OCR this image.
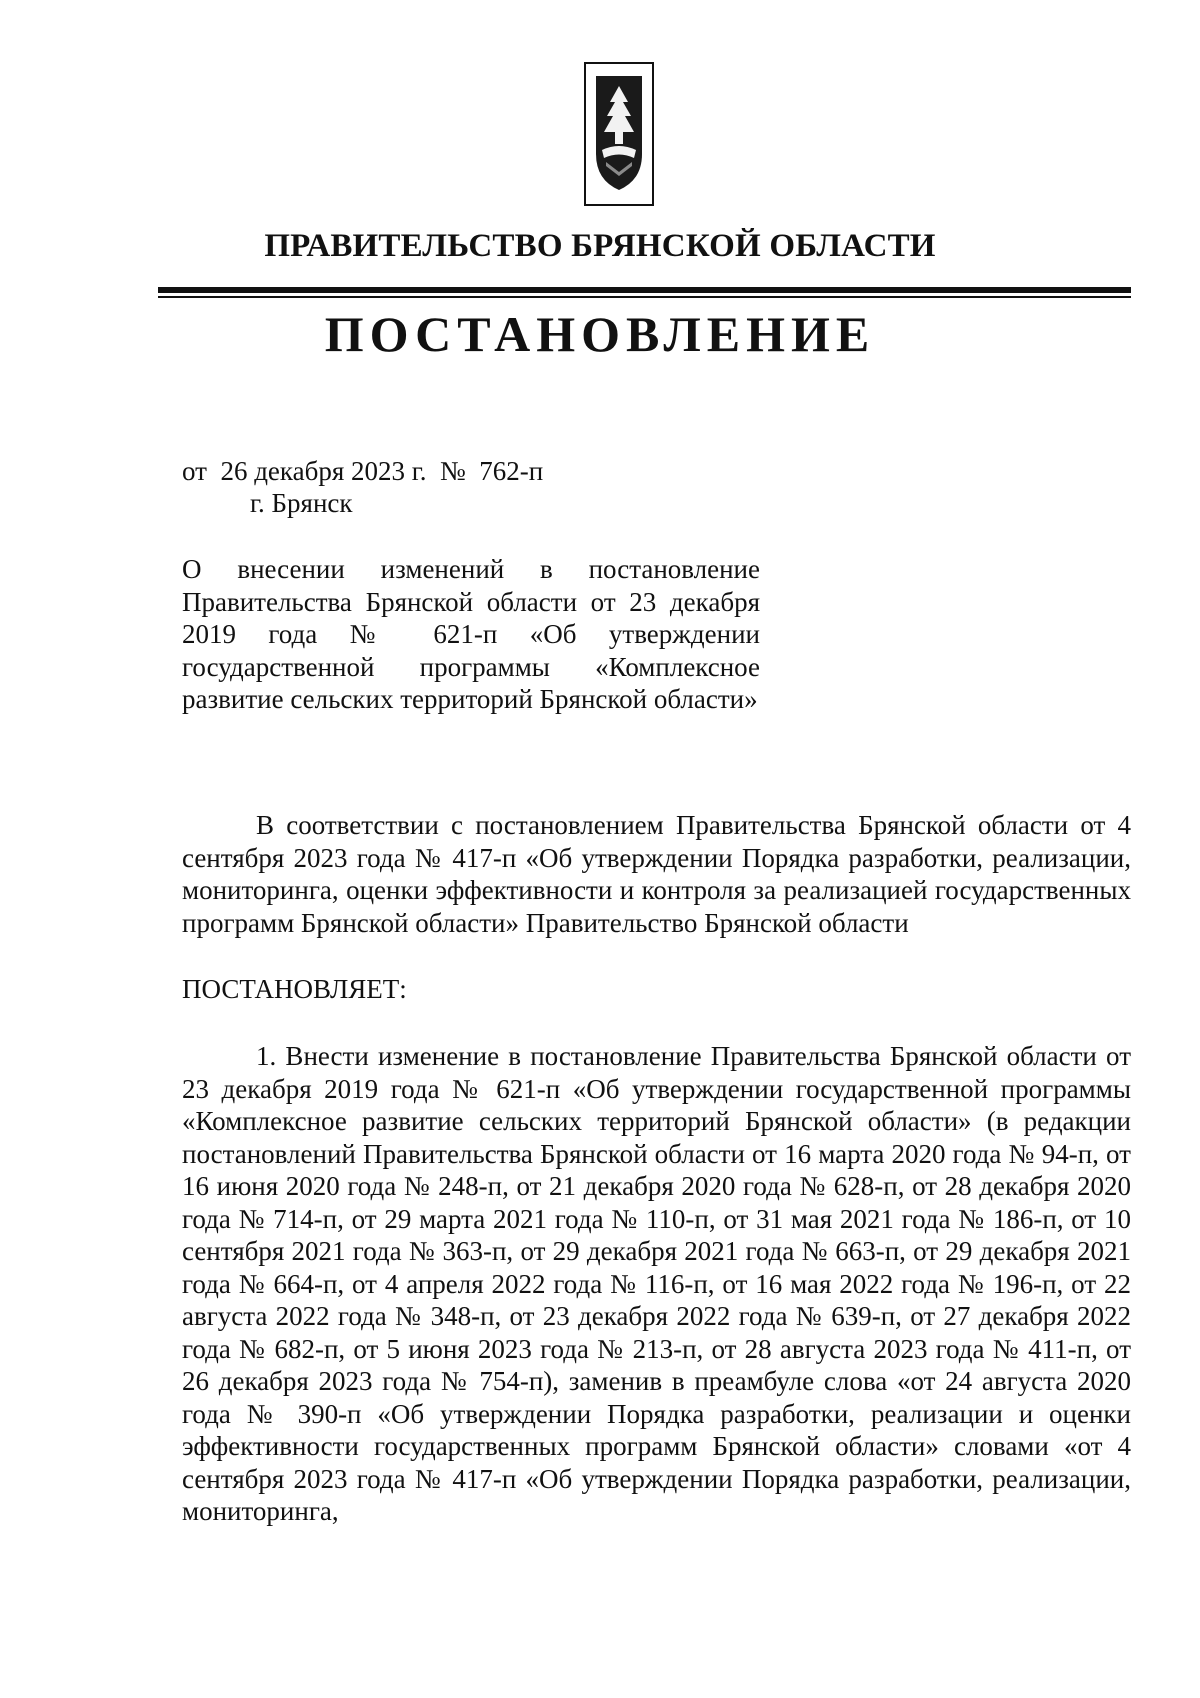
ПРАВИТЕЛЬСТВО БРЯНСКОЙ ОБЛАСТИ
ПОСТАНОВЛЕНИЕ
от  26 декабря 2023 г.  №  762-п
г. Брянск

О внесении изменений в постановление Правительства Брянской области от 23 декабря 2019 года № 621-п «Об утверждении государственной программы «Комплексное развитие сельских территорий Брянской области»

В соответствии с постановлением Правительства Брянской области от 4 сентября 2023 года № 417-п «Об утверждении Порядка разработки, реализации, мониторинга, оценки эффективности и контроля за реализацией государственных программ Брянской области» Правительство Брянской области

ПОСТАНОВЛЯЕТ:

1. Внести изменение в постановление Правительства Брянской области от 23 декабря 2019 года № 621-п «Об утверждении государственной программы «Комплексное развитие сельских территорий Брянской области» (в редакции постановлений Правительства Брянской области от 16 марта 2020 года № 94-п, от 16 июня 2020 года № 248-п, от 21 декабря 2020 года № 628-п, от 28 декабря 2020 года № 714-п, от 29 марта 2021 года № 110-п, от 31 мая 2021 года № 186-п, от 10 сентября 2021 года № 363-п, от 29 декабря 2021 года № 663-п, от 29 декабря 2021 года № 664-п, от 4 апреля 2022 года № 116-п, от 16 мая 2022 года № 196-п, от 22 августа 2022 года № 348-п, от 23 декабря 2022 года № 639-п, от 27 декабря 2022 года № 682-п, от 5 июня 2023 года № 213-п, от 28 августа 2023 года № 411-п, от 26 декабря 2023 года № 754-п), заменив в преамбуле слова «от 24 августа 2020 года № 390-п «Об утверждении Порядка разработки, реализации и оценки эффективности государственных программ Брянской области» словами «от 4 сентября 2023 года № 417-п «Об утверждении Порядка разработки, реализации, мониторинга,
